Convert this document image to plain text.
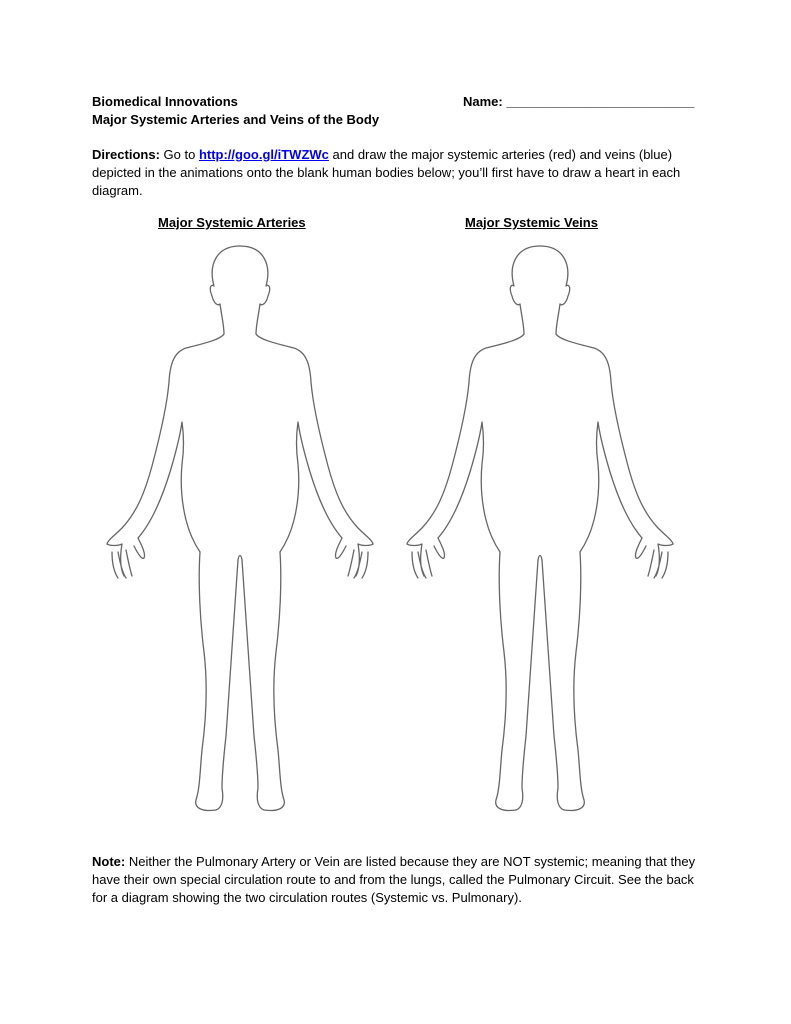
Biomedical Innovations
Major Systemic Arteries and Veins of the Body
Name: __________________________
Directions: Go to http://goo.gl/iTWZWc and draw the major systemic arteries (red) and veins (blue) depicted in the animations onto the blank human bodies below; you’ll first have to draw a heart in each diagram.
Major Systemic Arteries	Major Systemic Veins
Note: Neither the Pulmonary Artery or Vein are listed because they are NOT systemic; meaning that they have their own special circulation route to and from the lungs, called the Pulmonary Circuit. See the back for a diagram showing the two circulation routes (Systemic vs. Pulmonary).
